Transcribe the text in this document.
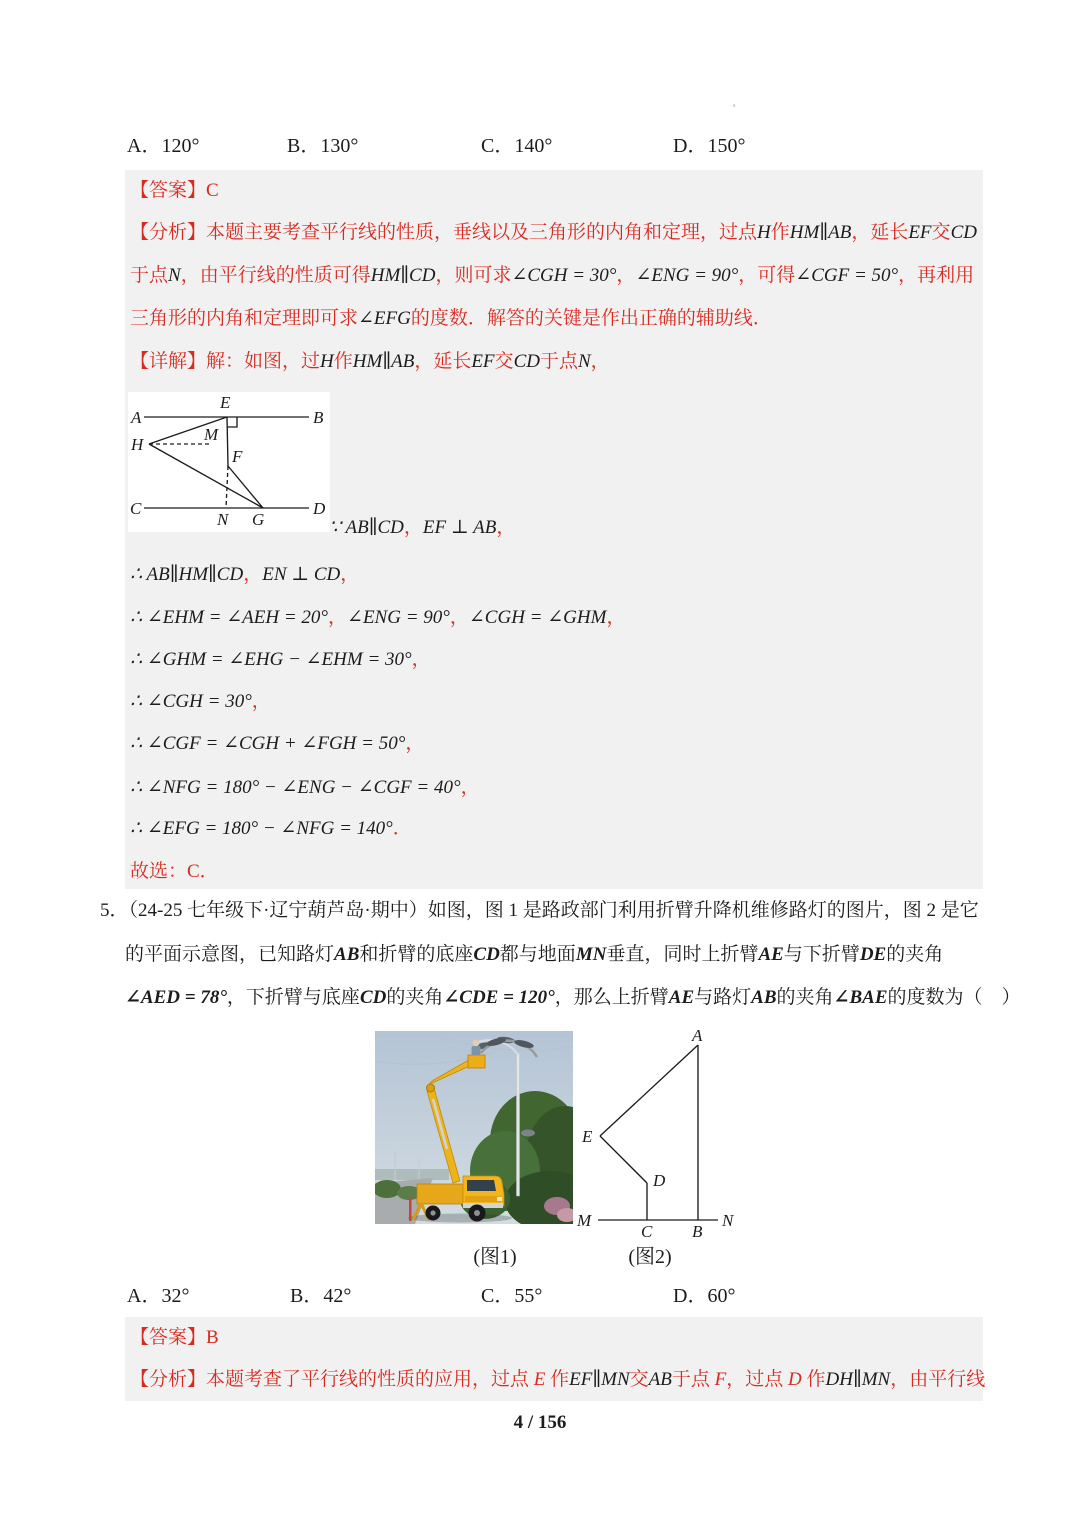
'
A．120°	B．130°	C．140°	D．150°
【答案】C
【分析】本题主要考查平行线的性质，垂线以及三角形的内角和定理，过点H作HM∥AB，延长EF交CD
于点N，由平行线的性质可得HM∥CD，则可求∠CGH = 30°，∠ENG = 90°，可得∠CGF = 50°，再利用
三角形的内角和定理即可求∠EFG的度数．解答的关键是作出正确的辅助线．
【详解】解：如图，过H作HM∥AB，延长EF交CD于点N，
A	B
E
M
H
F
C	D
N G	∵ AB∥CD，EF ⊥ AB，
∴ AB∥HM∥CD，EN ⊥ CD，
∴ ∠EHM = ∠AEH = 20°，∠ENG = 90°，∠CGH = ∠GHM，
∴ ∠GHM = ∠EHG − ∠EHM = 30°，
∴ ∠CGH = 30°，
∴ ∠CGF = ∠CGH + ∠FGH = 50°，
∴ ∠NFG = 180° − ∠ENG − ∠CGF = 40°，
∴ ∠EFG = 180° − ∠NFG = 140°．
故选：C．
5．（24-25 七年级下·辽宁葫芦岛·期中）如图，图 1 是路政部门利用折臂升降机维修路灯的图片，图 2 是它
的平面示意图，已知路灯AB和折臂的底座CD都与地面MN垂直，同时上折臂AE与下折臂DE的夹角
∠AED = 78°，下折臂与底座CD的夹角∠CDE = 120°，那么上折臂AE与路灯AB的夹角∠BAE的度数为（　）
A
E
D
M	N
C B
(图1)	(图2)
A．32°	B．42°	C．55°	D．60°
【答案】B
【分析】本题考查了平行线的性质的应用，过点 E 作EF∥MN交AB于点 F，过点 D 作DH∥MN，由平行线
4 / 156
